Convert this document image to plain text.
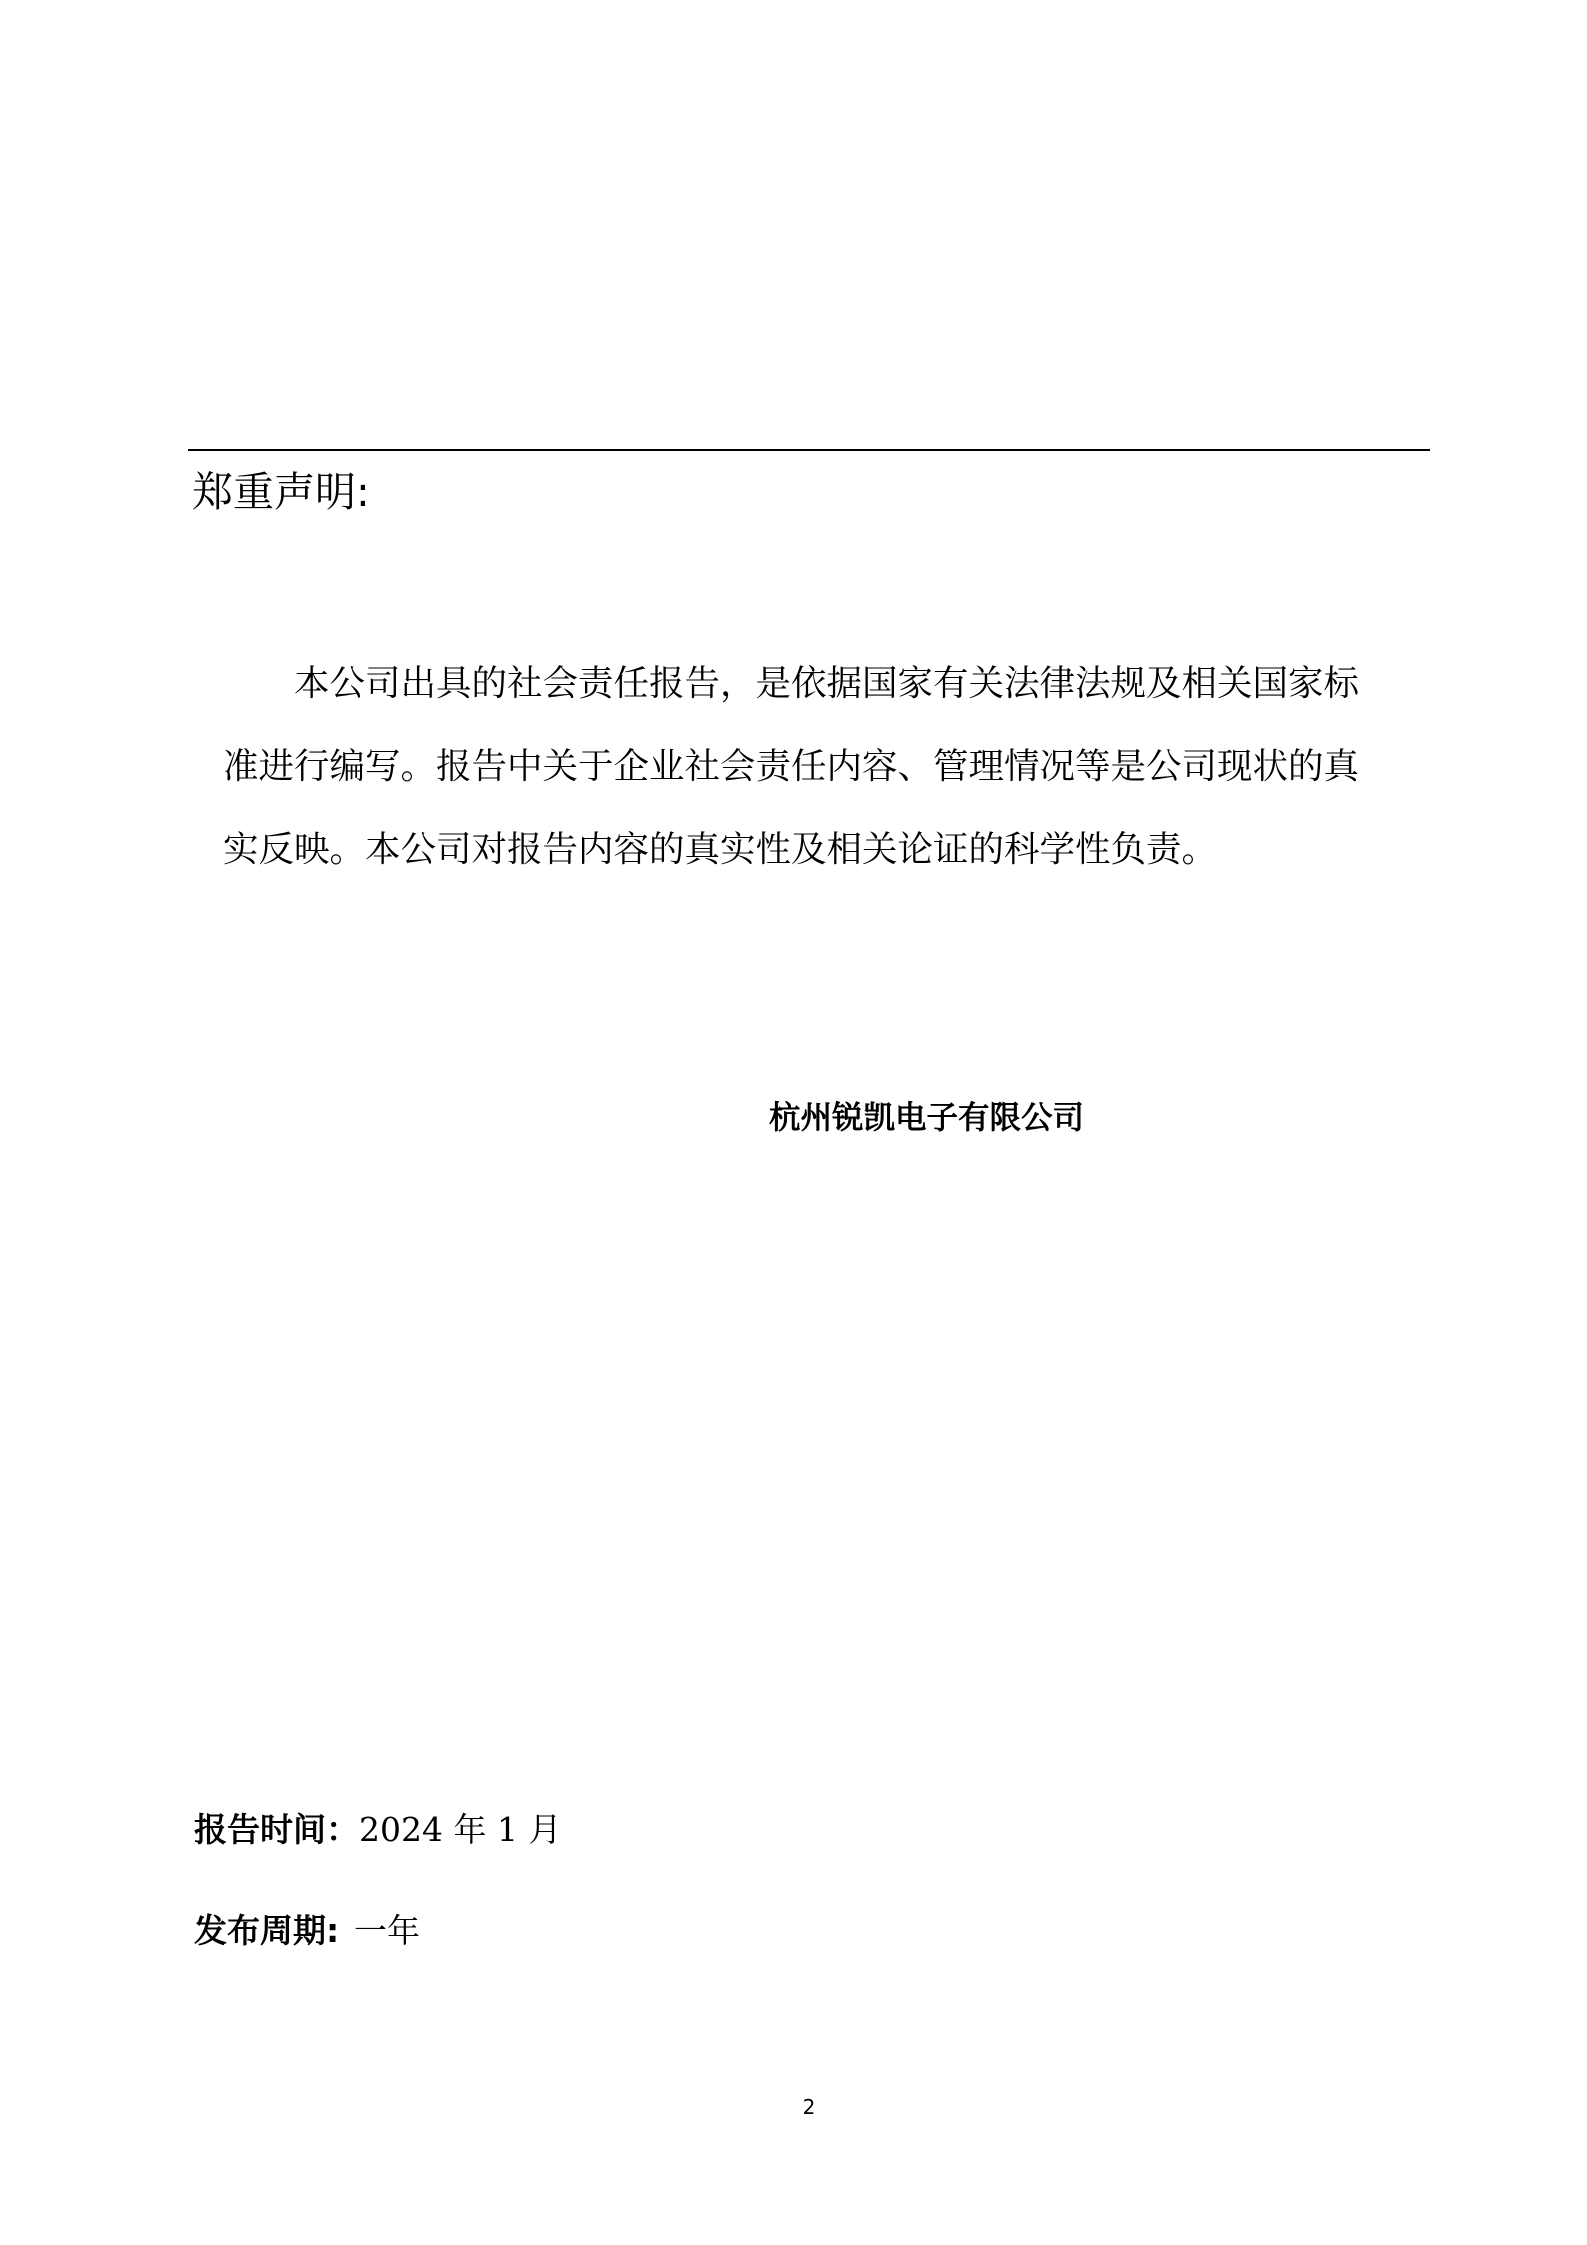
郑重声明:
本公司出具的社会责任报告，是依据国家有关法律法规及相关国家标
准进行编写。报告中关于企业社会责任内容、管理情况等是公司现状的真
实反映。本公司对报告内容的真实性及相关论证的科学性负责。
杭州锐凯电子有限公司
报告时间：2024 年 1 月
发布周期: 一年
2
